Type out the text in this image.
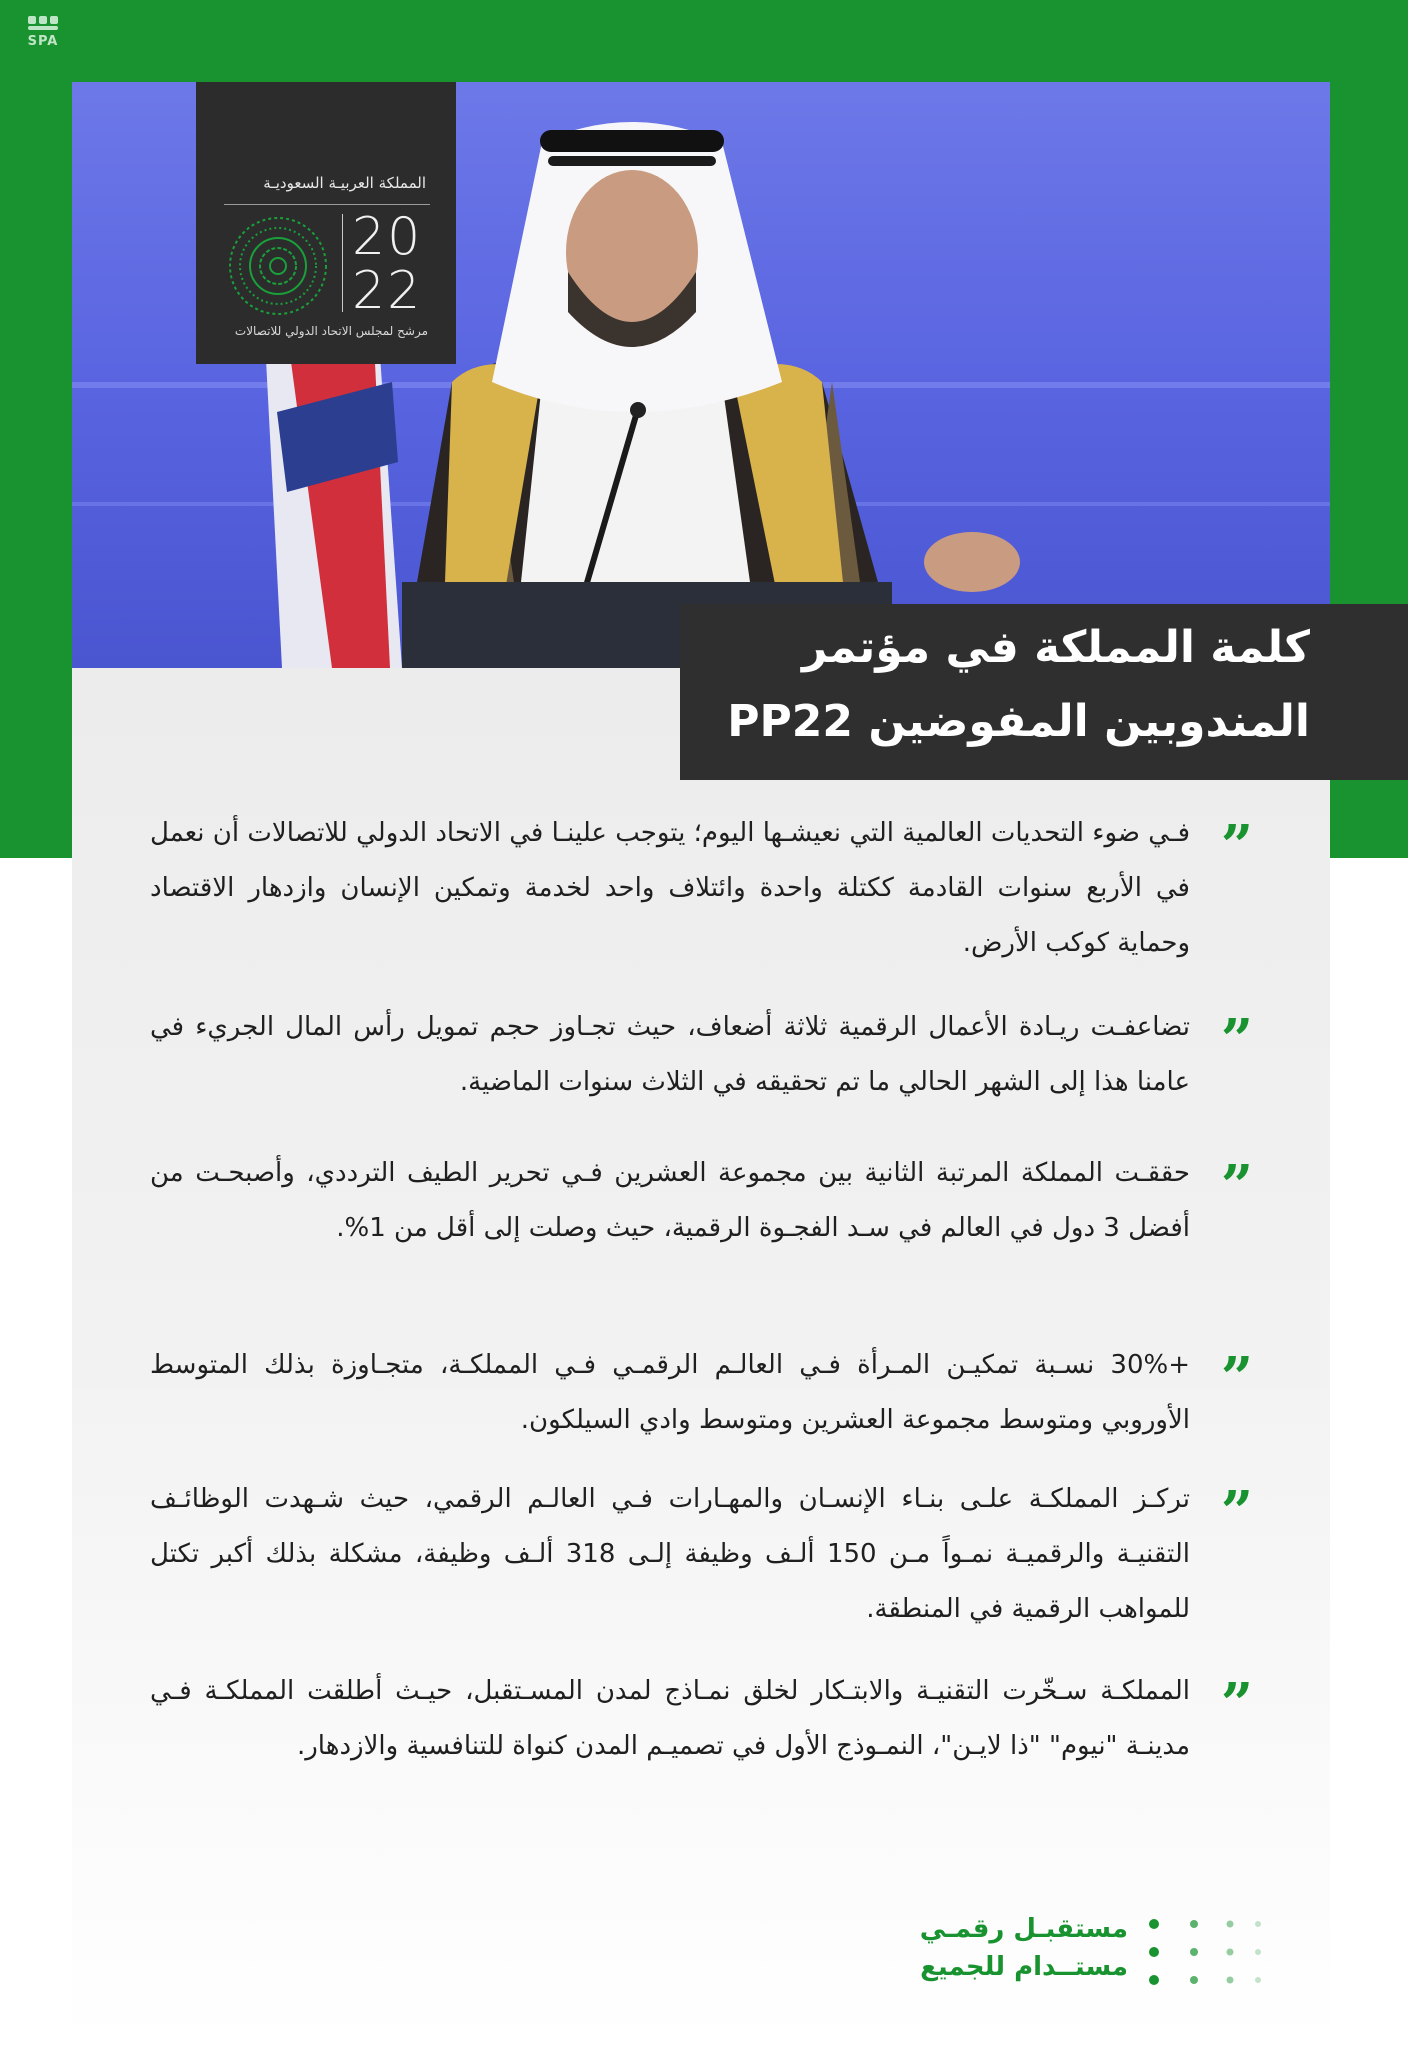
SPA
المملكة العربيـة السعوديـة
20
22
مرشح لمجلس الاتحاد الدولي للاتصالات
كلمة المملكة في مؤتمر
المندوبين المفوضين PP22
فـي ضوء التحديات العالمية التي نعيشـها اليوم؛ يتوجب علينـا في الاتحاد الدولي للاتصالات أن نعمل في الأربع سنوات القادمة ككتلة واحدة وائتلاف واحد لخدمة وتمكين الإنسان وازدهار الاقتصاد وحماية كوكب الأرض.
تضاعفـت ريـادة الأعمال الرقمية ثلاثة أضعاف، حيث تجـاوز حجم تمويل رأس المال الجريء في عامنا هذا إلى الشهر الحالي ما تم تحقيقه في الثلاث سنوات الماضية.
حققـت المملكة المرتبة الثانية بين مجموعة العشرين فـي تحرير الطيف الترددي، وأصبحـت من أفضل 3 دول في العالم في سـد الفجـوة الرقمية، حيث وصلت إلى أقل من 1%.
+30% نسـبة تمكيـن المـرأة فـي العالـم الرقمـي فـي المملكـة، متجـاوزة بذلك المتوسط الأوروبي ومتوسط مجموعة العشرين ومتوسط وادي السيلكون.
تركـز المملكـة علـى بنـاء الإنسـان والمهـارات فـي العالـم الرقمي، حيث شـهدت الوظائـف التقنيـة والرقميـة نمـواً مـن 150 ألـف وظيفة إلـى 318 ألـف وظيفة، مشكلة بذلك أكبر تكتل للمواهب الرقمية في المنطقة.
المملكـة سـخّرت التقنيـة والابتـكار لخلق نمـاذج لمدن المسـتقبل، حيـث أطلقت المملكـة فـي مدينـة "نيوم" "ذا لايـن"، النمـوذج الأول في تصميـم المدن كنواة للتنافسية والازدهار.
مستقبـل رقمـي
مستــدام للجميع
